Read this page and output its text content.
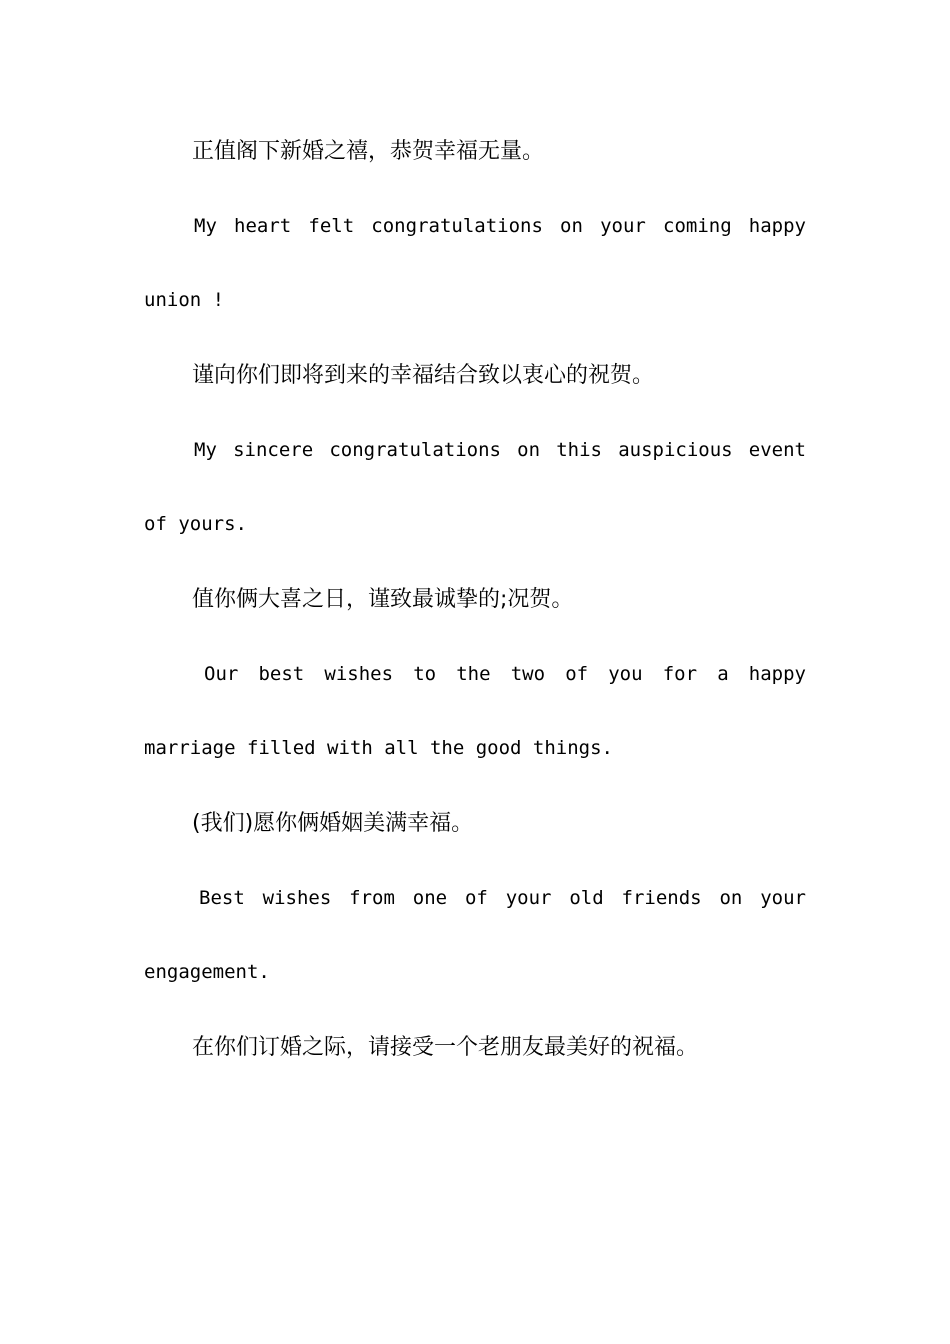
正值阁下新婚之禧，恭贺幸福无量。
My heart felt congratulations on your coming happy
union !
谨向你们即将到来的幸福结合致以衷心的祝贺。
My sincere congratulations on this auspicious event
of yours.
值你俩大喜之日，谨致最诚挚的;况贺。
Our best wishes to the two of you for a happy
marriage filled with all the good things.
(我们)愿你俩婚姻美满幸福。
Best wishes from one of your old friends on your
engagement.
在你们订婚之际，请接受一个老朋友最美好的祝福。
